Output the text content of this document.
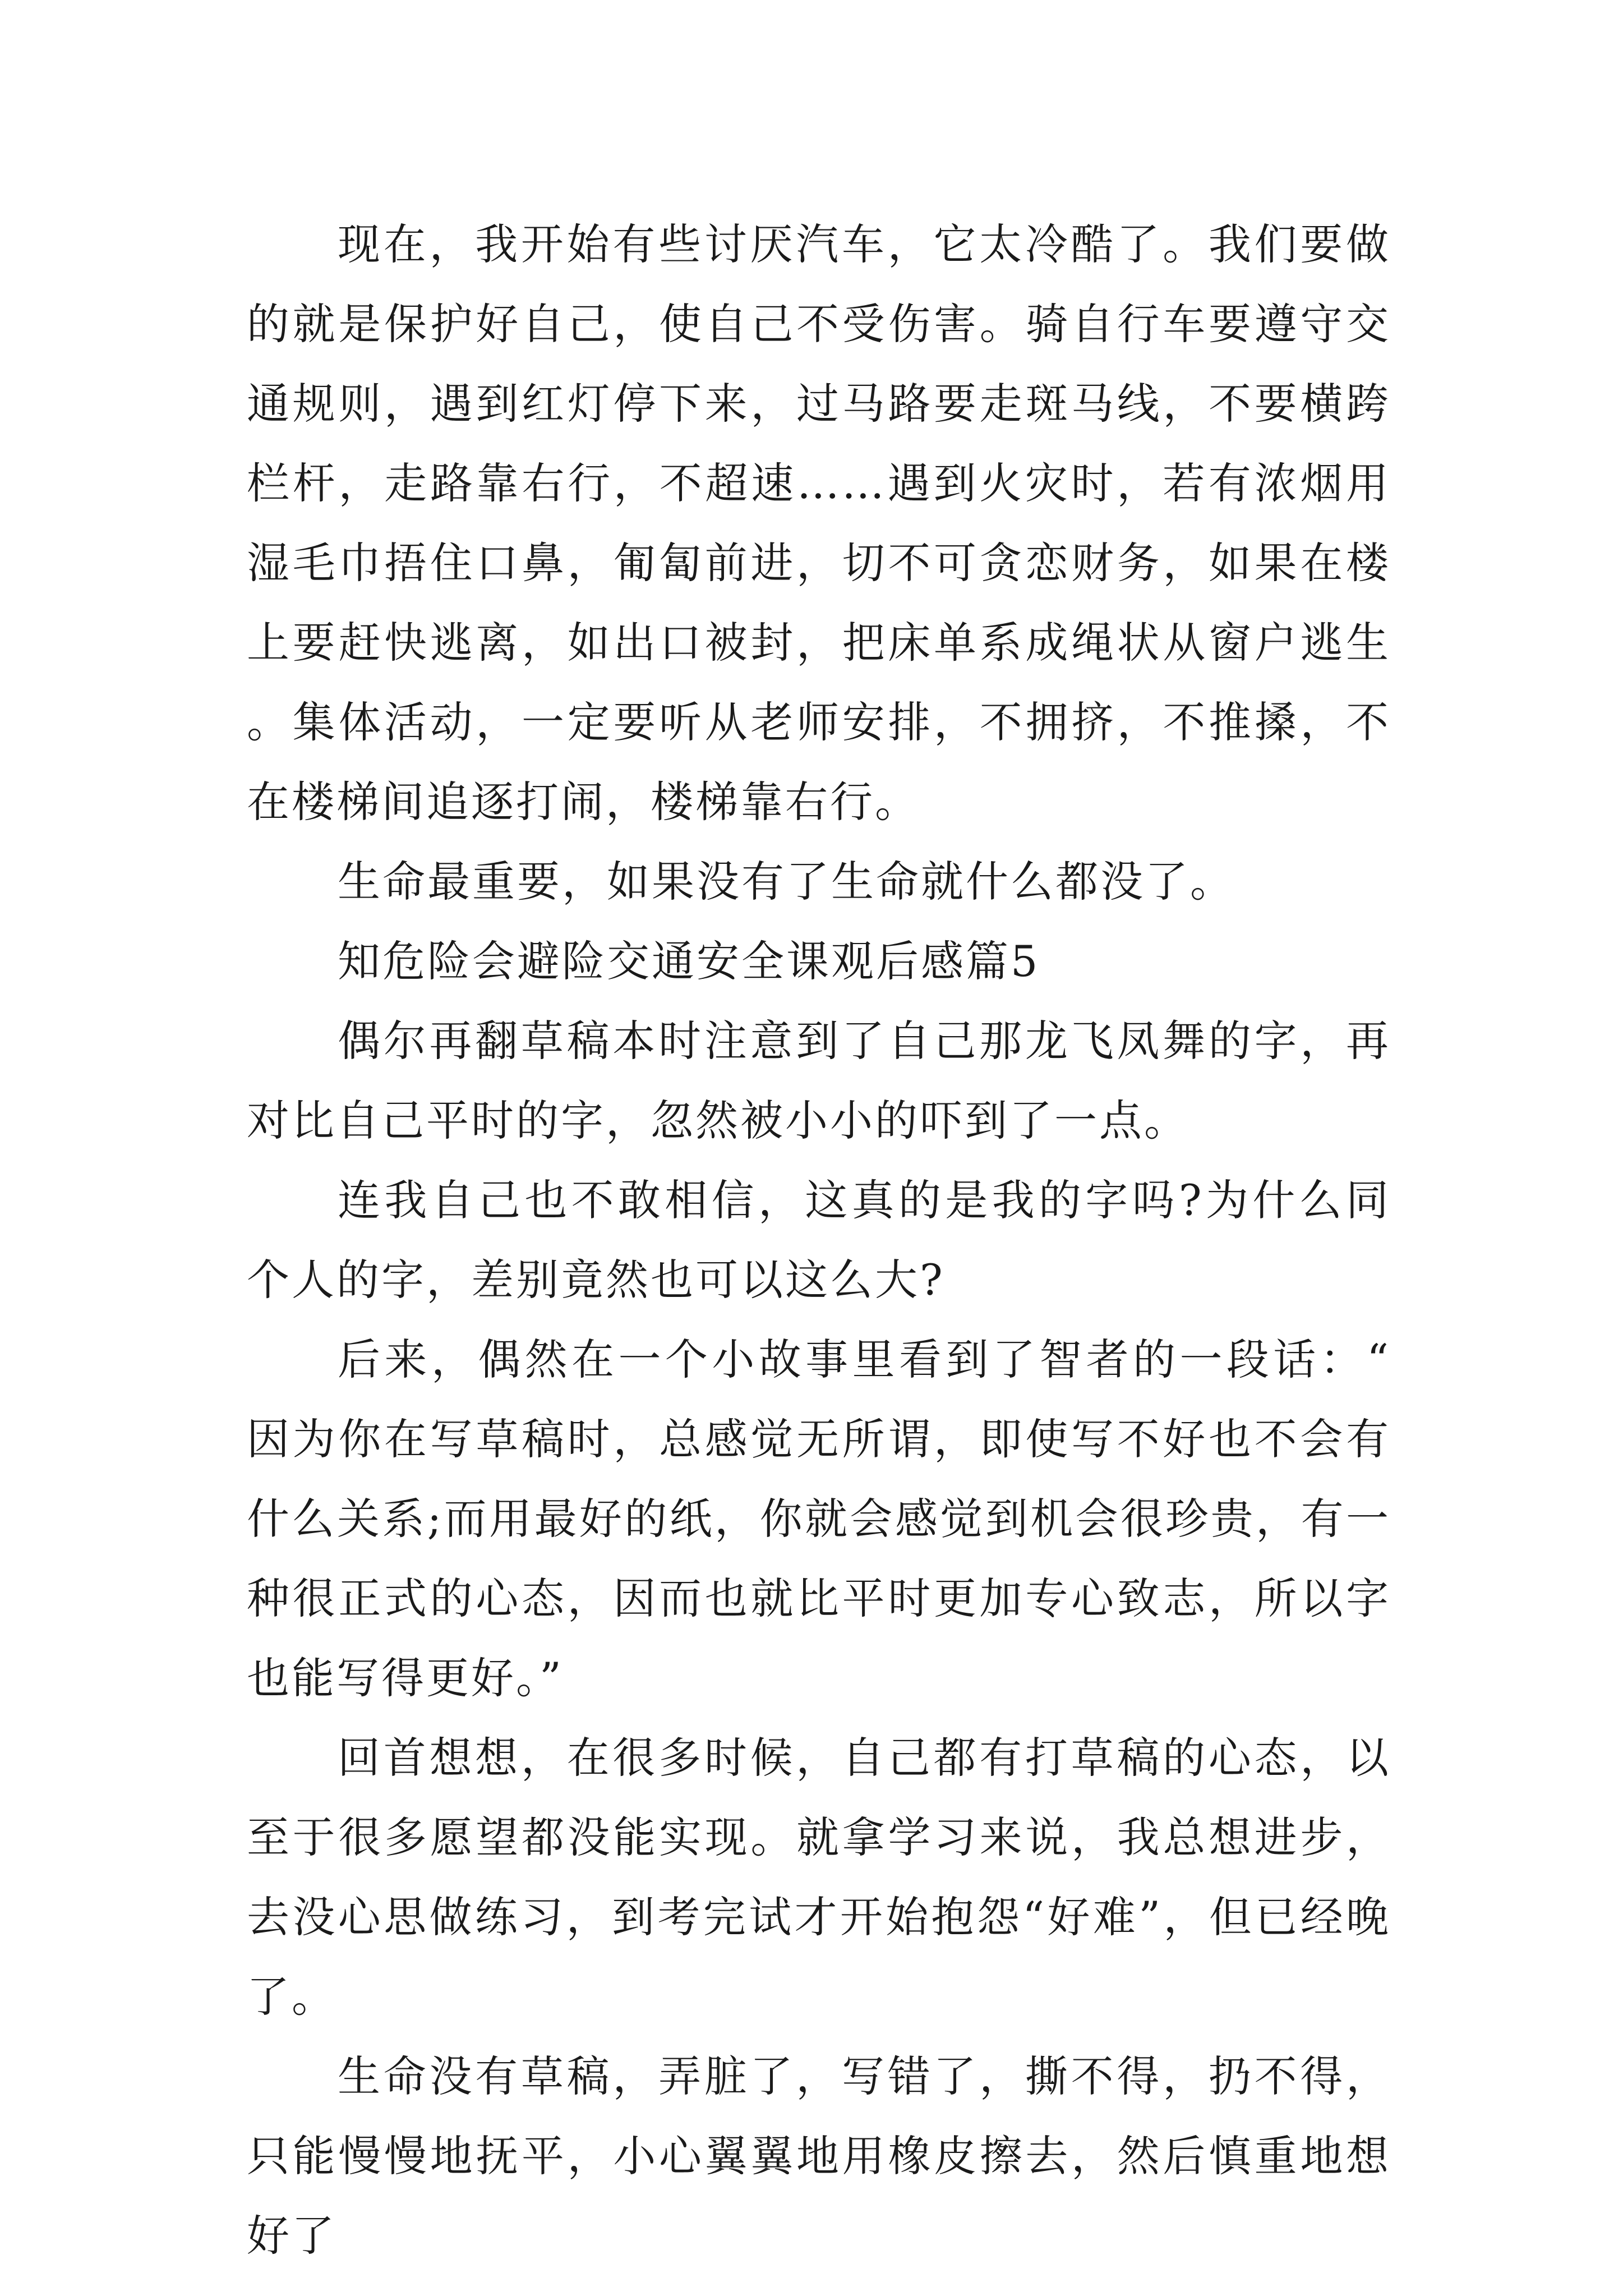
现在，我开始有些讨厌汽车，它太冷酷了。我们要做的就是保护好自己，使自己不受伤害。骑自行车要遵守交通规则，遇到红灯停下来，过马路要走斑马线，不要横跨栏杆，走路靠右行，不超速……遇到火灾时，若有浓烟用湿毛巾捂住口鼻，匍匐前进，切不可贪恋财务，如果在楼上要赶快逃离，如出口被封，把床单系成绳状从窗户逃生。集体活动，一定要听从老师安排，不拥挤，不推搡，不在楼梯间追逐打闹，楼梯靠右行。

生命最重要，如果没有了生命就什么都没了。

知危险会避险交通安全课观后感篇5

偶尔再翻草稿本时注意到了自己那龙飞凤舞的字，再对比自己平时的字，忽然被小小的吓到了一点。

连我自己也不敢相信，这真的是我的字吗?为什么同个人的字，差别竟然也可以这么大?

后来，偶然在一个小故事里看到了智者的一段话：“因为你在写草稿时，总感觉无所谓，即使写不好也不会有什么关系;而用最好的纸，你就会感觉到机会很珍贵，有一种很正式的心态，因而也就比平时更加专心致志，所以字也能写得更好。”

回首想想，在很多时候，自己都有打草稿的心态，以至于很多愿望都没能实现。就拿学习来说，我总想进步，去没心思做练习，到考完试才开始抱怨“好难”，但已经晚了。

生命没有草稿，弄脏了，写错了，撕不得，扔不得，只能慢慢地抚平，小心翼翼地用橡皮擦去，然后慎重地想好了
